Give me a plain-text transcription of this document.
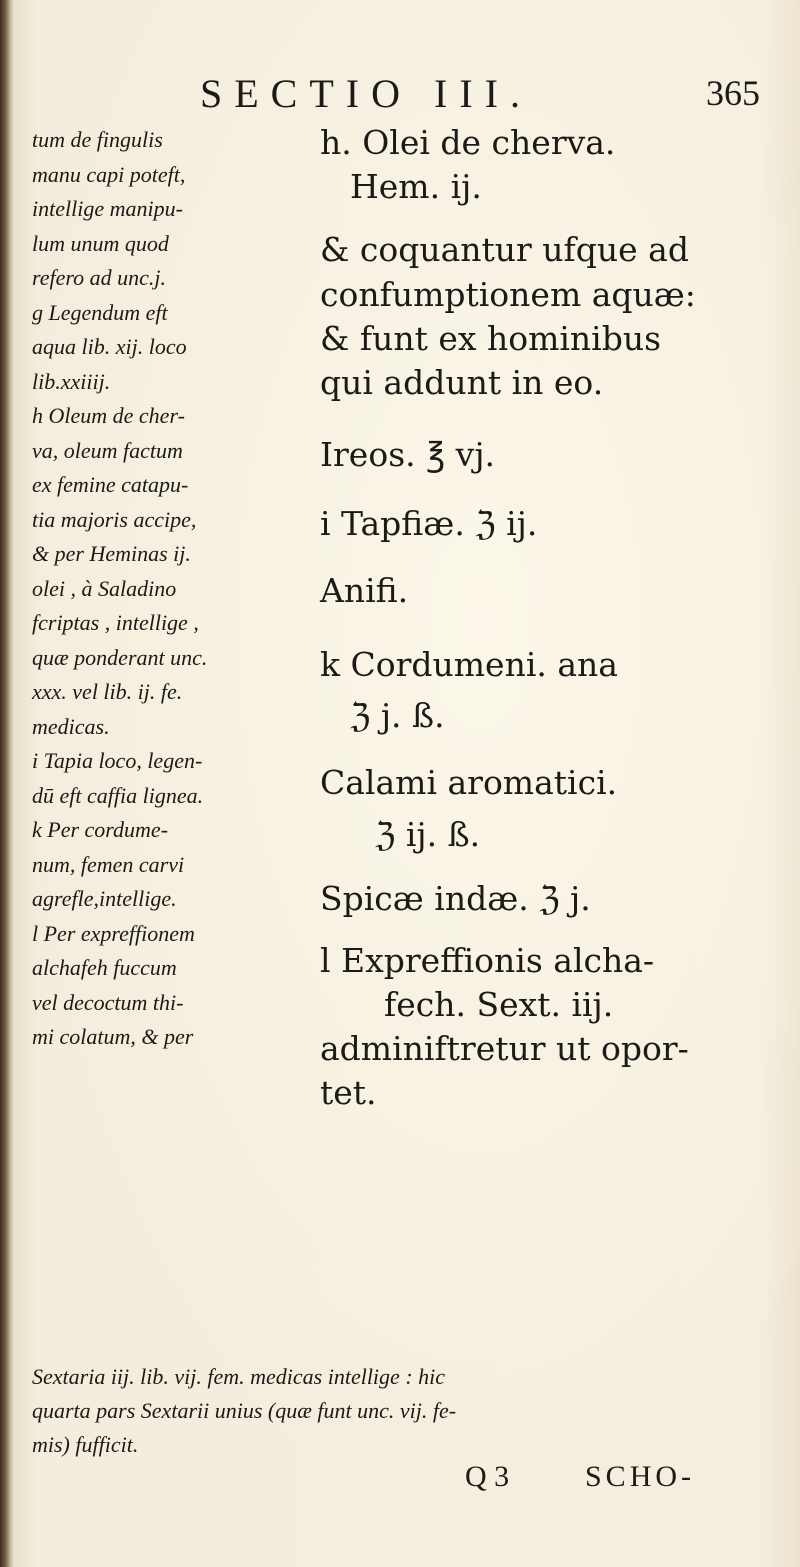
SECTIO III.	365
tum de fingulis
manu capi poteft,
intellige manipu-
lum unum quod
refero ad unc.j.
g Legendum eft
aqua lib. xij. loco
lib.xxiiij.
h Oleum de cher-
va, oleum factum
ex femine catapu-
tia majoris accipe,
& per Heminas ij.
olei , à Saladino
fcriptas , intellige ,
quæ ponderant unc.
xxx. vel lib. ij. fe.
medicas.
i Tapia loco, legen-
dū eft caffia lignea.
k Per cordume-
num, femen carvi
agrefle,intellige.
l Per expreffionem
alchafeh fuccum
vel decoctum thi-
mi colatum, & per
h. Olei de cherva.
Hem. ij.
& coquantur ufque ad
confumptionem aquæ:
& funt ex hominibus
qui addunt in eo.
Ireos. ℥ vj.
i Tapfiæ. ℨ ij.
Anifi.
k Cordumeni. ana
ℨ j. ß.
Calami aromatici.
ℨ ij. ß.
Spicæ indæ. ℨ j.
l Expreffionis alcha-
fech. Sext. iij.
adminiftretur ut opor-
tet.
Sextaria iij. lib. vij. fem. medicas intellige : hic
quarta pars Sextarii unius (quæ funt unc. vij. fe-
mis) fufficit.
Q 3	SCHO-
